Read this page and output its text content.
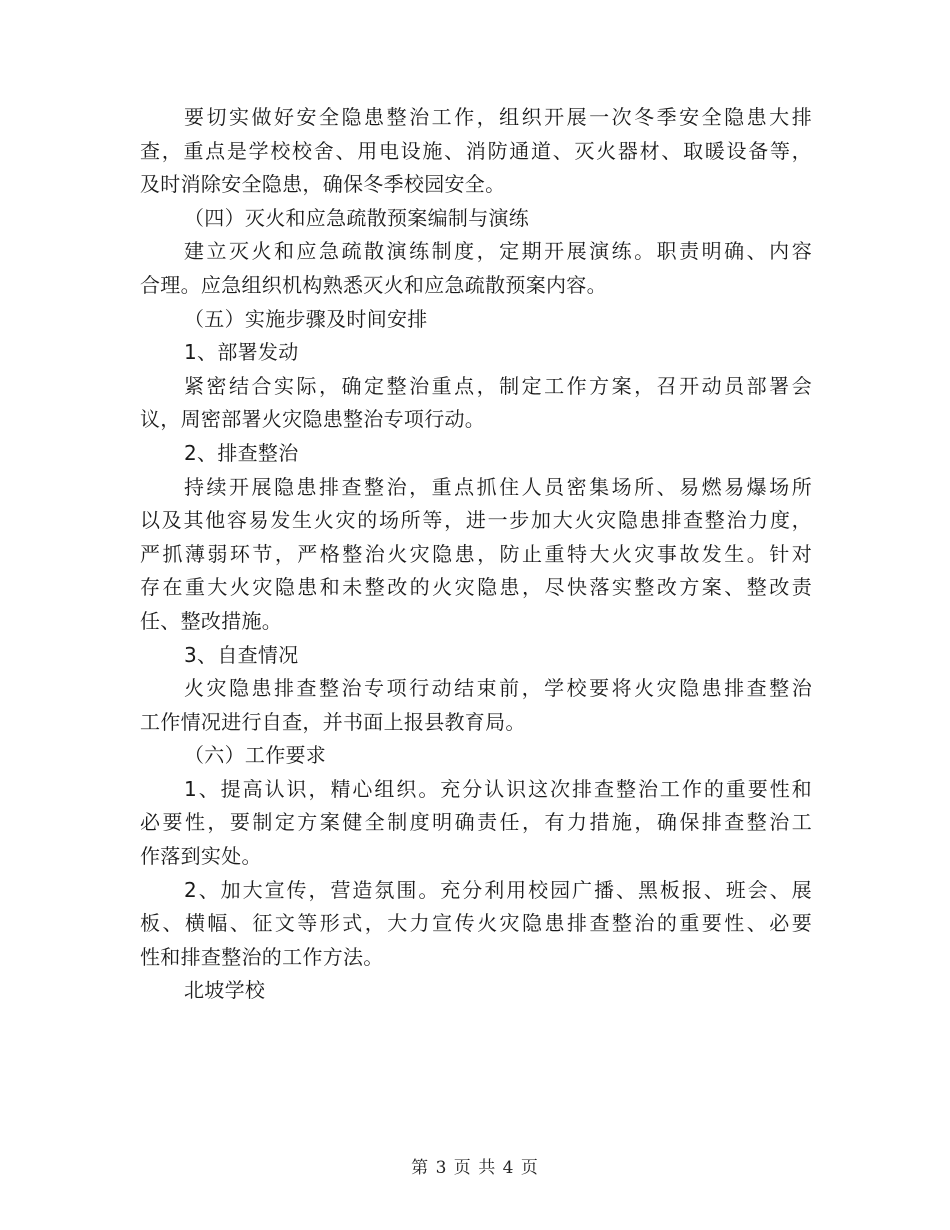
要切实做好安全隐患整治工作，组织开展一次冬季安全隐患大排
查，重点是学校校舍、用电设施、消防通道、灭火器材、取暖设备等，
及时消除安全隐患，确保冬季校园安全。
（四）灭火和应急疏散预案编制与演练
建立灭火和应急疏散演练制度，定期开展演练。职责明确、内容
合理。应急组织机构熟悉灭火和应急疏散预案内容。
（五）实施步骤及时间安排
1、部署发动
紧密结合实际，确定整治重点，制定工作方案，召开动员部署会
议，周密部署火灾隐患整治专项行动。
2、排查整治
持续开展隐患排查整治，重点抓住人员密集场所、易燃易爆场所
以及其他容易发生火灾的场所等，进一步加大火灾隐患排查整治力度，
严抓薄弱环节，严格整治火灾隐患，防止重特大火灾事故发生。针对
存在重大火灾隐患和未整改的火灾隐患，尽快落实整改方案、整改责
任、整改措施。
3、自查情况
火灾隐患排查整治专项行动结束前，学校要将火灾隐患排查整治
工作情况进行自查，并书面上报县教育局。
（六）工作要求
1、提高认识，精心组织。充分认识这次排查整治工作的重要性和
必要性，要制定方案健全制度明确责任，有力措施，确保排查整治工
作落到实处。
2、加大宣传，营造氛围。充分利用校园广播、黑板报、班会、展
板、横幅、征文等形式，大力宣传火灾隐患排查整治的重要性、必要
性和排查整治的工作方法。
北坡学校
第 3 页 共 4 页
